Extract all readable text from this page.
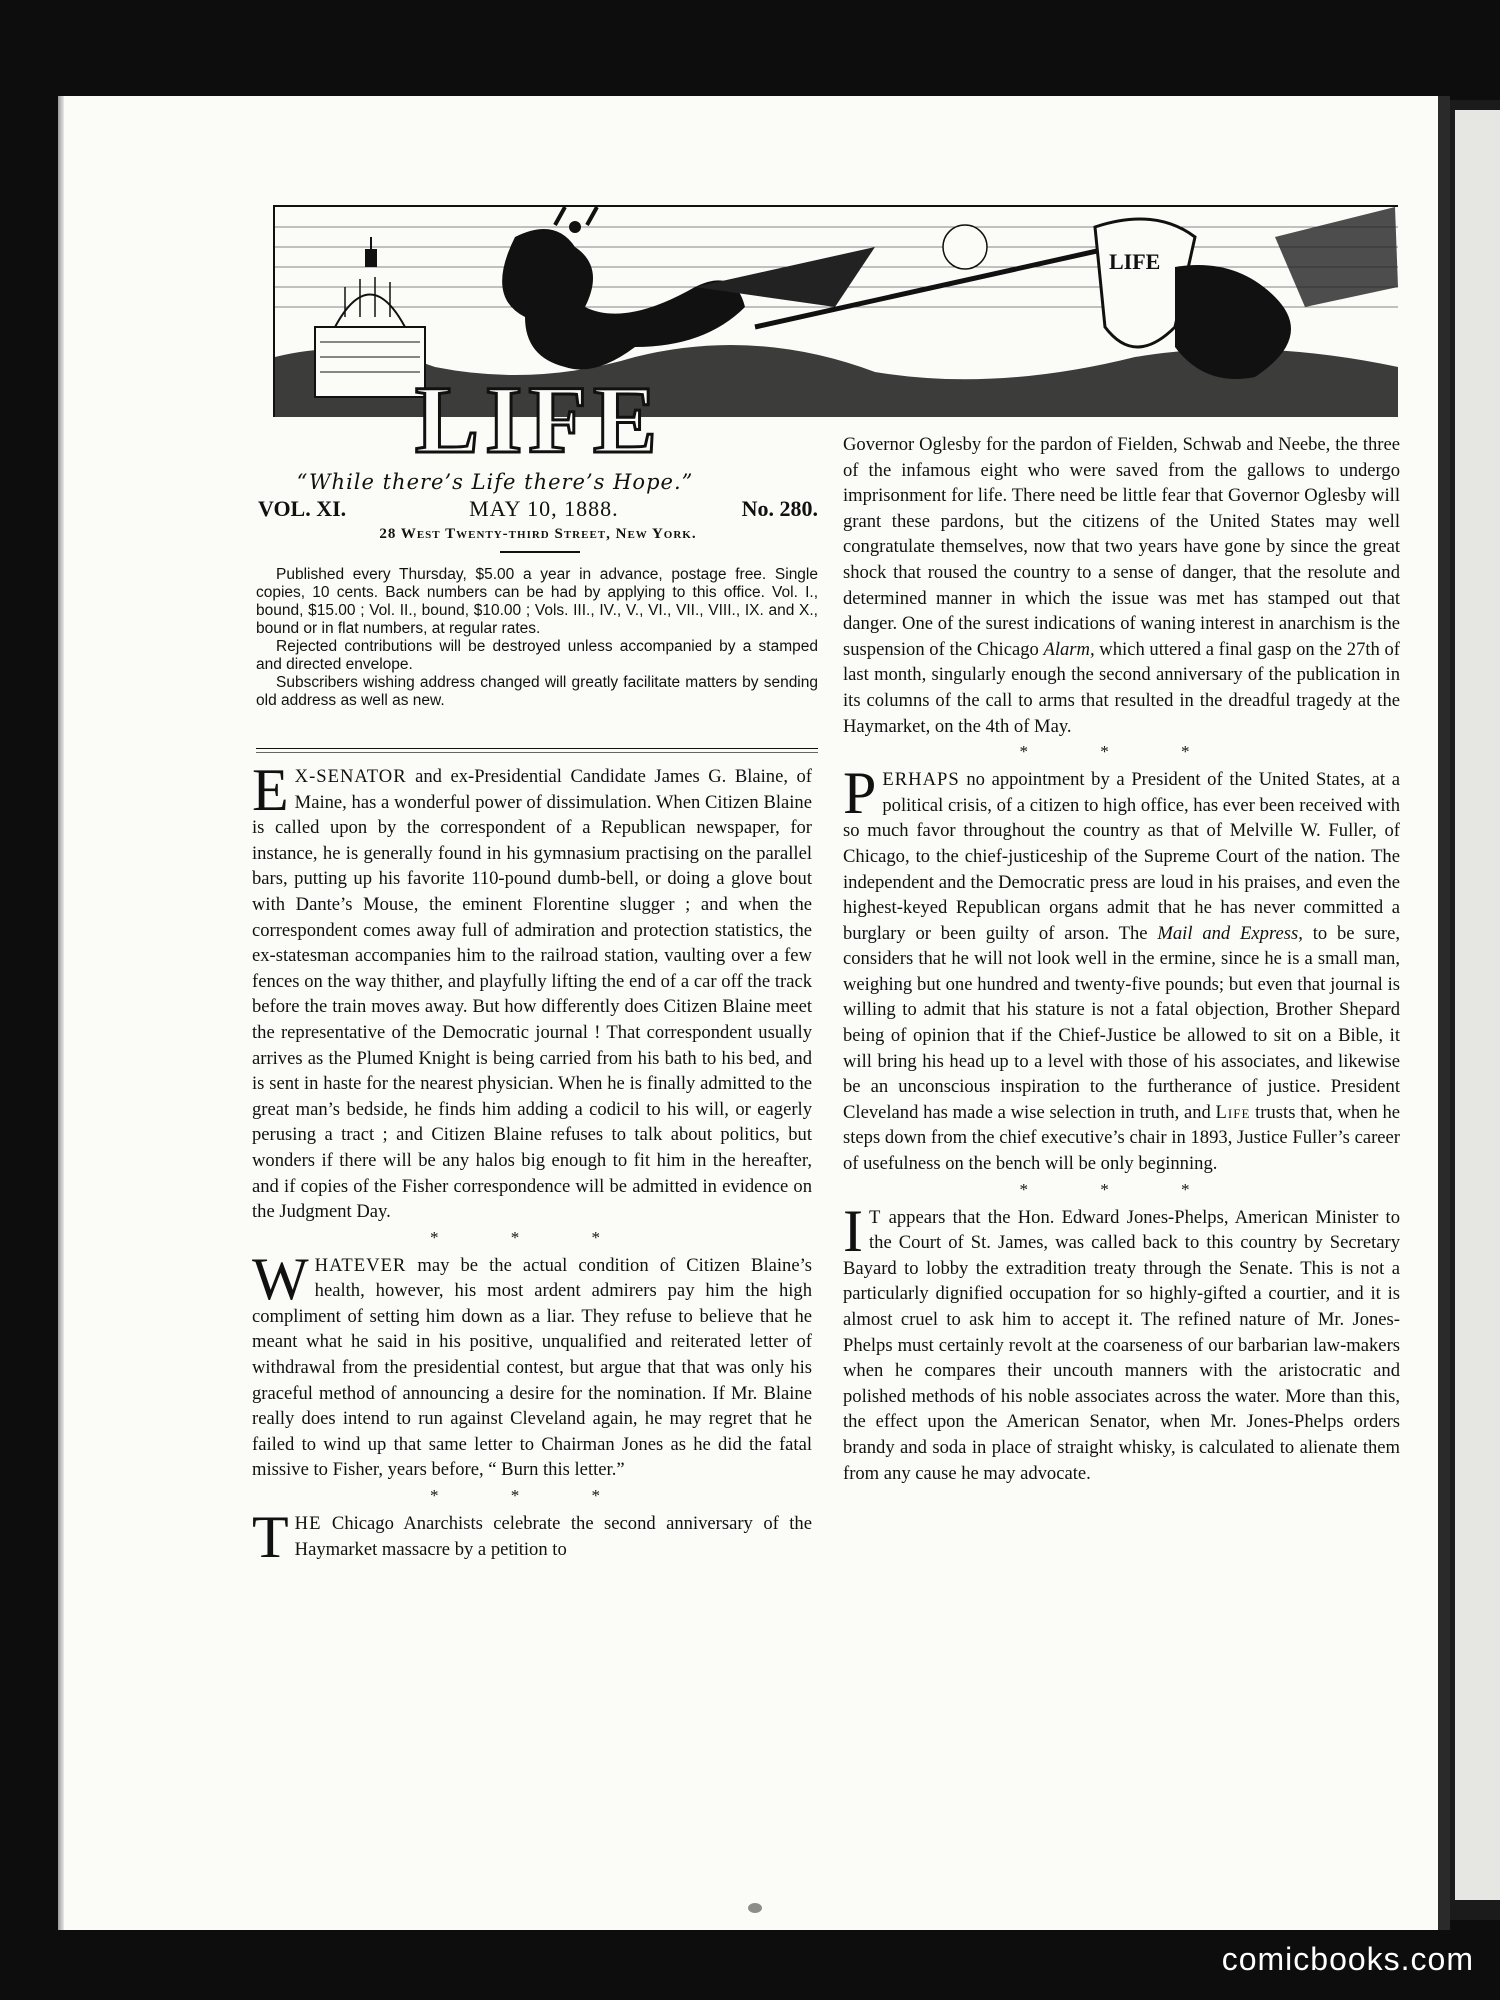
LIFE
LIFE
“While there’s Life there’s Hope.”
VOL. XI.	MAY 10, 1888.	No. 280.
28 West Twenty-third Street, New York.

Published every Thursday, $5.00 a year in advance, postage free. Single copies, 10 cents. Back numbers can be had by applying to this office. Vol. I., bound, $15.00 ; Vol. II., bound, $10.00 ; Vols. III., IV., V., VI., VII., VIII., IX. and X., bound or in flat numbers, at regular rates.

Rejected contributions will be destroyed unless accompanied by a stamped and directed envelope.

Subscribers wishing address changed will greatly facilitate matters by sending old address as well as new.

E X-SENATOR and ex-Presidential Candidate James G. Blaine, of Maine, has a wonderful power of dissimulation. When Citizen Blaine is called upon by the correspondent of a Republican newspaper, for instance, he is generally found in his gymnasium practising on the parallel bars, putting up his favorite 110-pound dumb-bell, or doing a glove bout with Dante’s Mouse, the eminent Florentine slugger ; and when the correspondent comes away full of admiration and protection statistics, the ex-statesman accompanies him to the railroad station, vaulting over a few fences on the way thither, and playfully lifting the end of a car off the track before the train moves away. But how differently does Citizen Blaine meet the representative of the Democratic journal ! That correspondent usually arrives as the Plumed Knight is being carried from his bath to his bed, and is sent in haste for the nearest physician. When he is finally admitted to the great man’s bedside, he finds him adding a codicil to his will, or eagerly perusing a tract ; and Citizen Blaine refuses to talk about politics, but wonders if there will be any halos big enough to fit him in the hereafter, and if copies of the Fisher correspondence will be admitted in evidence on the Judgment Day.

* * *

WHATEVER may be the actual condition of Citizen Blaine’s health, however, his most ardent admirers pay him the high compliment of setting him down as a liar. They refuse to believe that he meant what he said in his positive, unqualified and reiterated letter of withdrawal from the presidential contest, but argue that that was only his graceful method of announcing a desire for the nomination. If Mr. Blaine really does intend to run against Cleveland again, he may regret that he failed to wind up that same letter to Chairman Jones as he did the fatal missive to Fisher, years before, “ Burn this letter.”

* * *

THE Chicago Anarchists celebrate the second anniversary of the Haymarket massacre by a petition to

Governor Oglesby for the pardon of Fielden, Schwab and Neebe, the three of the infamous eight who were saved from the gallows to undergo imprisonment for life. There need be little fear that Governor Oglesby will grant these pardons, but the citizens of the United States may well congratulate themselves, now that two years have gone by since the great shock that roused the country to a sense of danger, that the resolute and determined manner in which the issue was met has stamped out that danger. One of the surest indications of waning interest in anarchism is the suspension of the Chicago Alarm, which uttered a final gasp on the 27th of last month, singularly enough the second anniversary of the publication in its columns of the call to arms that resulted in the dreadful tragedy at the Haymarket, on the 4th of May.

* * *

PERHAPS no appointment by a President of the United States, at a political crisis, of a citizen to high office, has ever been received with so much favor throughout the country as that of Melville W. Fuller, of Chicago, to the chief-justiceship of the Supreme Court of the nation. The independent and the Democratic press are loud in his praises, and even the highest-keyed Republican organs admit that he has never committed a burglary or been guilty of arson. The Mail and Express, to be sure, considers that he will not look well in the ermine, since he is a small man, weighing but one hundred and twenty-five pounds; but even that journal is willing to admit that his stature is not a fatal objection, Brother Shepard being of opinion that if the Chief-Justice be allowed to sit on a Bible, it will bring his head up to a level with those of his associates, and likewise be an unconscious inspiration to the furtherance of justice. President Cleveland has made a wise selection in truth, and Life trusts that, when he steps down from the chief executive’s chair in 1893, Justice Fuller’s career of usefulness on the bench will be only beginning.

* * *

I T appears that the Hon. Edward Jones-Phelps, American Minister to the Court of St. James, was called back to this country by Secretary Bayard to lobby the extradition treaty through the Senate. This is not a particularly dignified occupation for so highly-gifted a courtier, and it is almost cruel to ask him to accept it. The refined nature of Mr. Jones-Phelps must certainly revolt at the coarseness of our barbarian law-makers when he compares their uncouth manners with the aristocratic and polished methods of his noble associates across the water. More than this, the effect upon the American Senator, when Mr. Jones-Phelps orders brandy and soda in place of straight whisky, is calculated to alienate them from any cause he may advocate.

comicbooks.com
